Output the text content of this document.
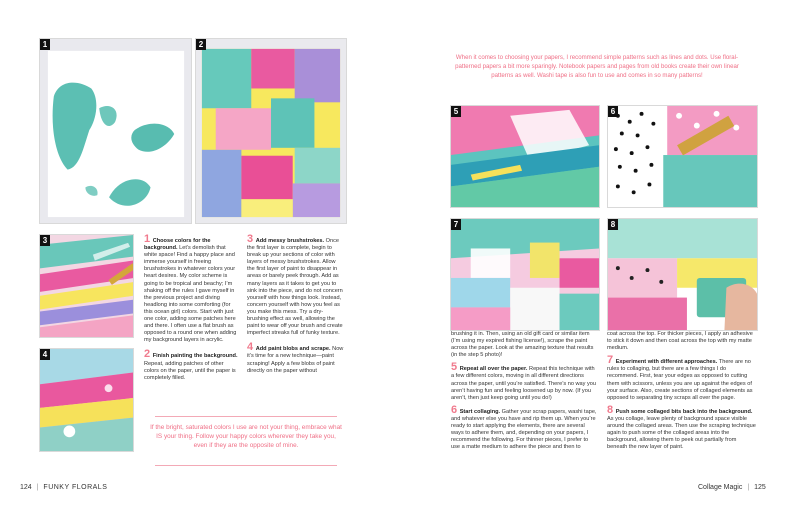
1	2
3
4

1 Choose colors for the background. Let’s demolish that white space! Find a happy place and immerse yourself in freeing brushstrokes in whatever colors your heart desires. My color scheme is going to be tropical and beachy; I’m shaking off the rules I gave myself in the previous project and diving headlong into some comforting (for this ocean girl) colors. Start with just one color, adding some patches here and there. I often use a flat brush as opposed to a round one when adding my background layers in acrylic.

2 Finish painting the background. Repeat, adding patches of other colors on the paper, until the paper is completely filled.

3 Add messy brushstrokes. Once the first layer is complete, begin to break up your sections of color with layers of messy brushstrokes. Allow the first layer of paint to disappear in areas or barely peek through. Add as many layers as it takes to get you to sink into the piece, and do not concern yourself with how things look. Instead, concern yourself with how you feel as you make this mess. Try a dry-brushing effect as well, allowing the paint to wear off your brush and create imperfect streaks full of funky texture.

4 Add paint blobs and scrape. Now it’s time for a new technique—paint scraping! Apply a few blobs of paint directly on the paper without

If the bright, saturated colors I use are not your thing, embrace what IS your thing. Follow your happy colors wherever they take you, even if they are the opposite of mine.
124 | FUNKY FLORALS
When it comes to choosing your papers, I recommend simple patterns such as lines and dots. Use floral-patterned papers a bit more sparingly. Notebook papers and pages from old books create their own linear patterns as well. Washi tape is also fun to use and comes in so many patterns!
5	6
7	8

brushing it in. Then, using an old gift card or similar item (I’m using my expired fishing license!), scrape the paint across the paper. Look at the amazing texture that results (in the step 5 photo)!

5 Repeat all over the paper. Repeat this technique with a few different colors, moving in all different directions across the paper, until you’re satisfied. There’s no way you aren’t having fun and feeling loosened up by now. (If you aren’t, then just keep going until you do!)

6 Start collaging. Gather your scrap papers, washi tape, and whatever else you have and rip them up. When you’re ready to start applying the elements, there are several ways to adhere them, and, depending on your papers, I recommend the following. For thinner pieces, I prefer to use a matte medium to adhere the piece and then to

coat across the top. For thicker pieces, I apply an adhesive to stick it down and then coat across the top with my matte medium.

7 Experiment with different approaches. There are no rules to collaging, but there are a few things I do recommend. First, tear your edges as opposed to cutting them with scissors, unless you are up against the edges of your surface. Also, create sections of collaged elements as opposed to separating tiny scraps all over the page.

8 Push some collaged bits back into the background. As you collage, leave plenty of background space visible around the collaged areas. Then use the scraping technique again to push some of the collaged areas into the background, allowing them to peek out partially from beneath the new layer of paint.

Collage Magic | 125
